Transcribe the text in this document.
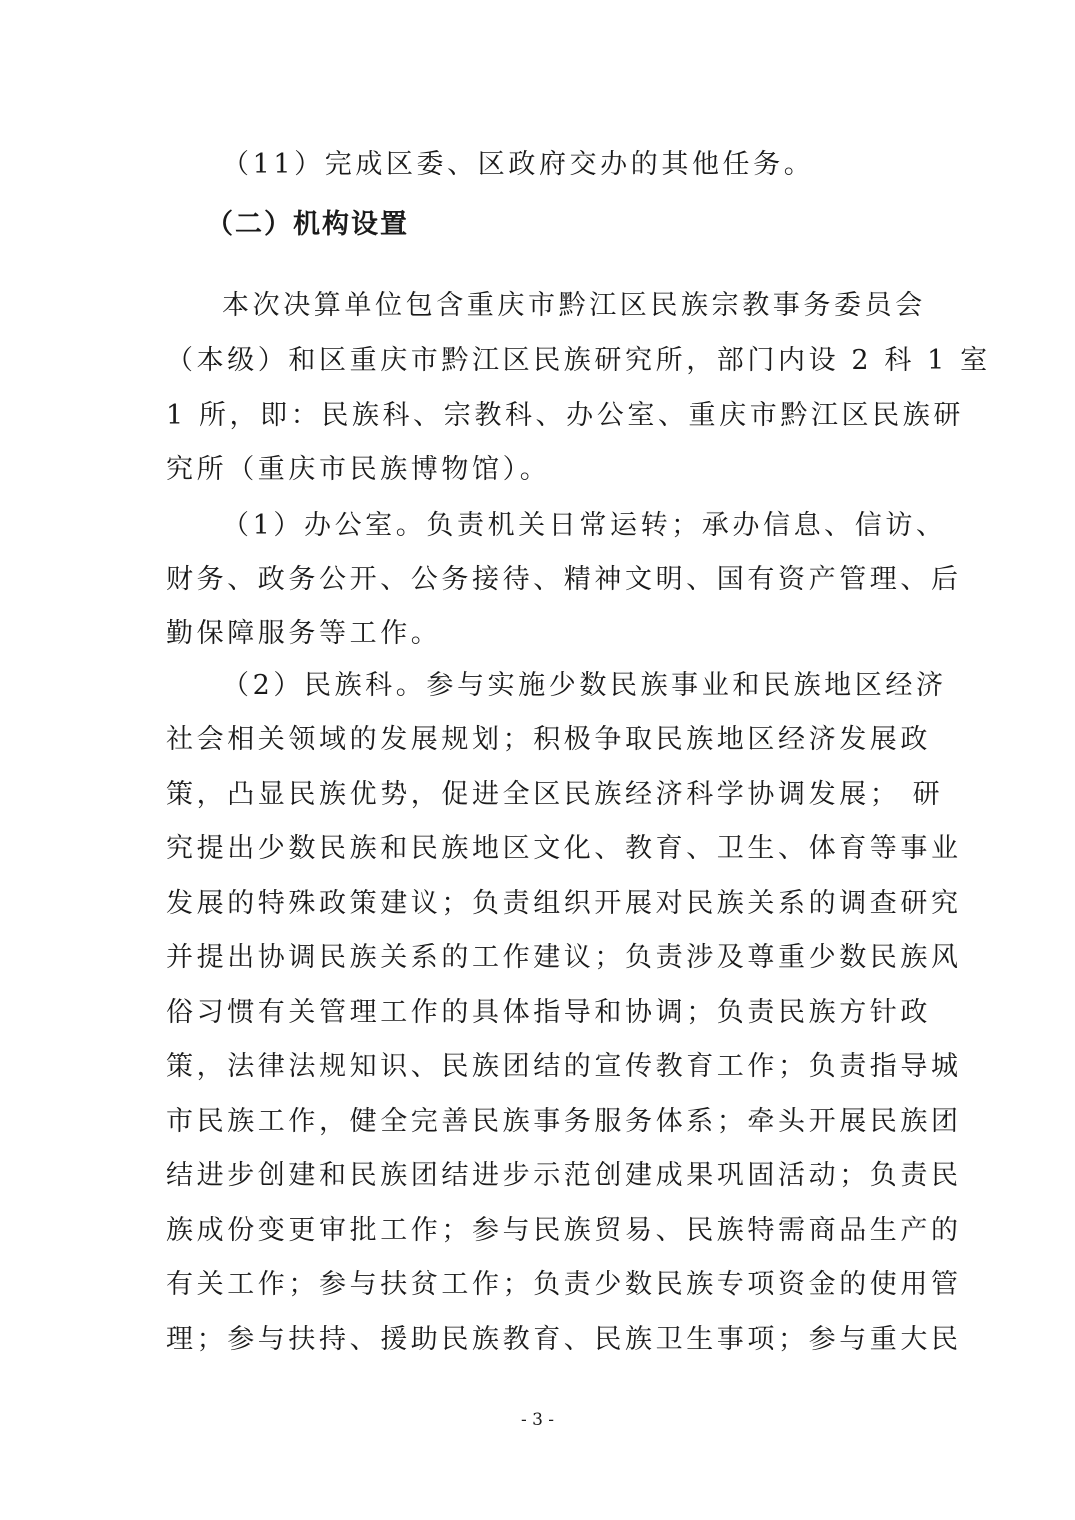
（11）完成区委、区政府交办的其他任务。

（二）机构设置

本次决算单位包含重庆市黔江区民族宗教事务委员会

（本级）和区重庆市黔江区民族研究所，部门内设 2 科 1 室

1 所，即：民族科、宗教科、办公室、重庆市黔江区民族研

究所（重庆市民族博物馆）。

（1）办公室。负责机关日常运转；承办信息、信访、

财务、政务公开、公务接待、精神文明、国有资产管理、后

勤保障服务等工作。

（2）民族科。参与实施少数民族事业和民族地区经济

社会相关领域的发展规划；积极争取民族地区经济发展政

策，凸显民族优势，促进全区民族经济科学协调发展； 研

究提出少数民族和民族地区文化、教育、卫生、体育等事业

发展的特殊政策建议；负责组织开展对民族关系的调查研究

并提出协调民族关系的工作建议；负责涉及尊重少数民族风

俗习惯有关管理工作的具体指导和协调；负责民族方针政

策，法律法规知识、民族团结的宣传教育工作；负责指导城

市民族工作，健全完善民族事务服务体系；牵头开展民族团

结进步创建和民族团结进步示范创建成果巩固活动；负责民

族成份变更审批工作；参与民族贸易、民族特需商品生产的

有关工作；参与扶贫工作；负责少数民族专项资金的使用管

理；参与扶持、援助民族教育、民族卫生事项；参与重大民

- 3 -
